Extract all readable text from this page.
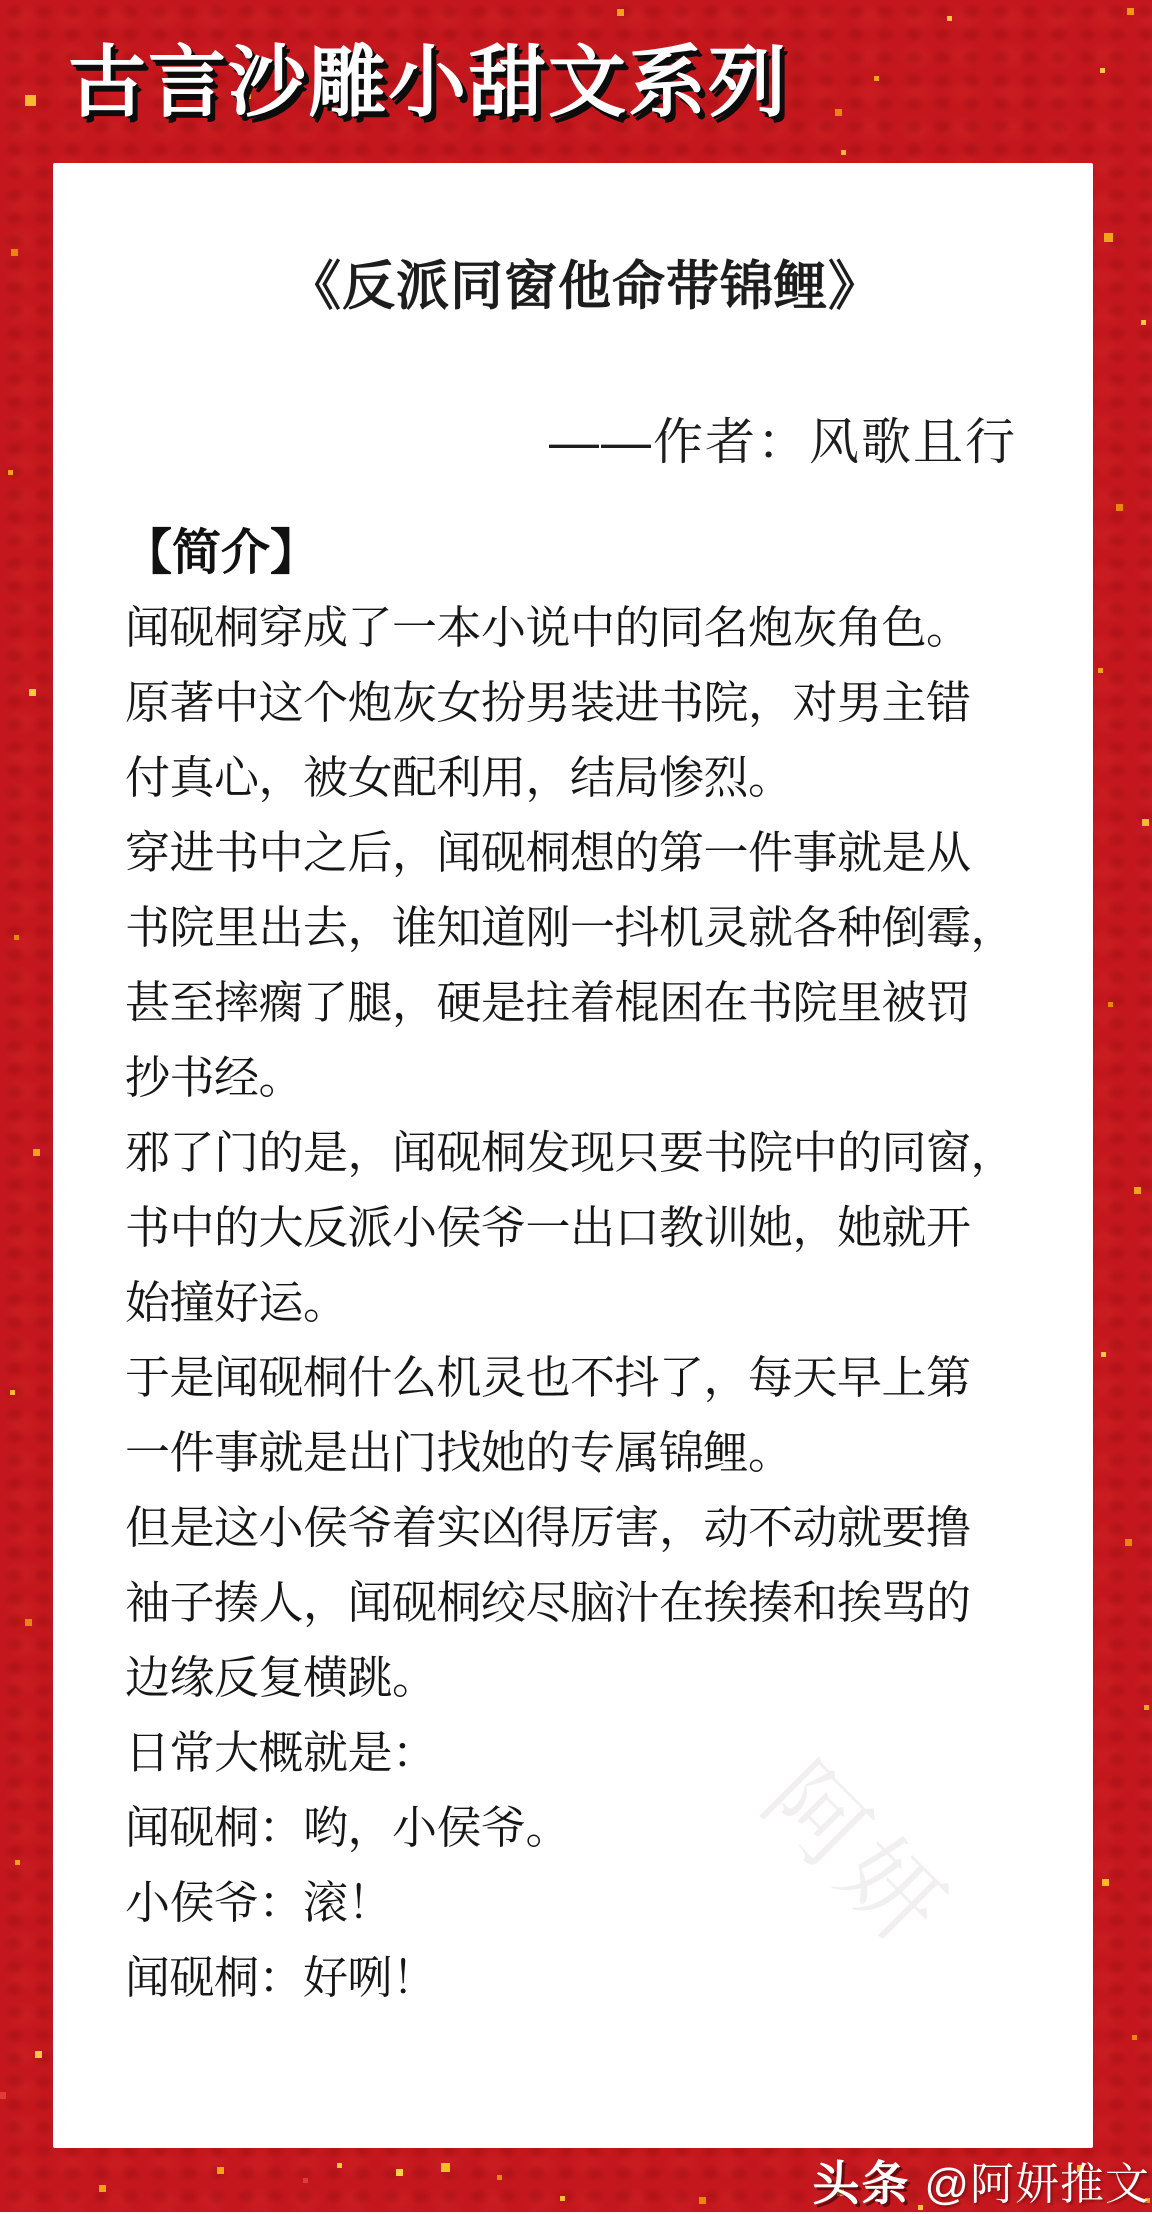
古言沙雕小甜文系列
《反派同窗他命带锦鲤》
——作者：风歌且行
【简介】
闻砚桐穿成了一本小说中的同名炮灰角色。
原著中这个炮灰女扮男装进书院，对男主错
付真心，被女配利用，结局惨烈。
穿进书中之后，闻砚桐想的第一件事就是从
书院里出去，谁知道刚一抖机灵就各种倒霉，
甚至摔瘸了腿，硬是拄着棍困在书院里被罚
抄书经。
邪了门的是，闻砚桐发现只要书院中的同窗，
书中的大反派小侯爷一出口教训她，她就开
始撞好运。
于是闻砚桐什么机灵也不抖了，每天早上第
一件事就是出门找她的专属锦鲤。
但是这小侯爷着实凶得厉害，动不动就要撸
袖子揍人，闻砚桐绞尽脑汁在挨揍和挨骂的
边缘反复横跳。
日常大概就是：
闻砚桐：哟，小侯爷。
小侯爷：滚！
闻砚桐：好咧！
阿妍
头条 @阿妍推文
